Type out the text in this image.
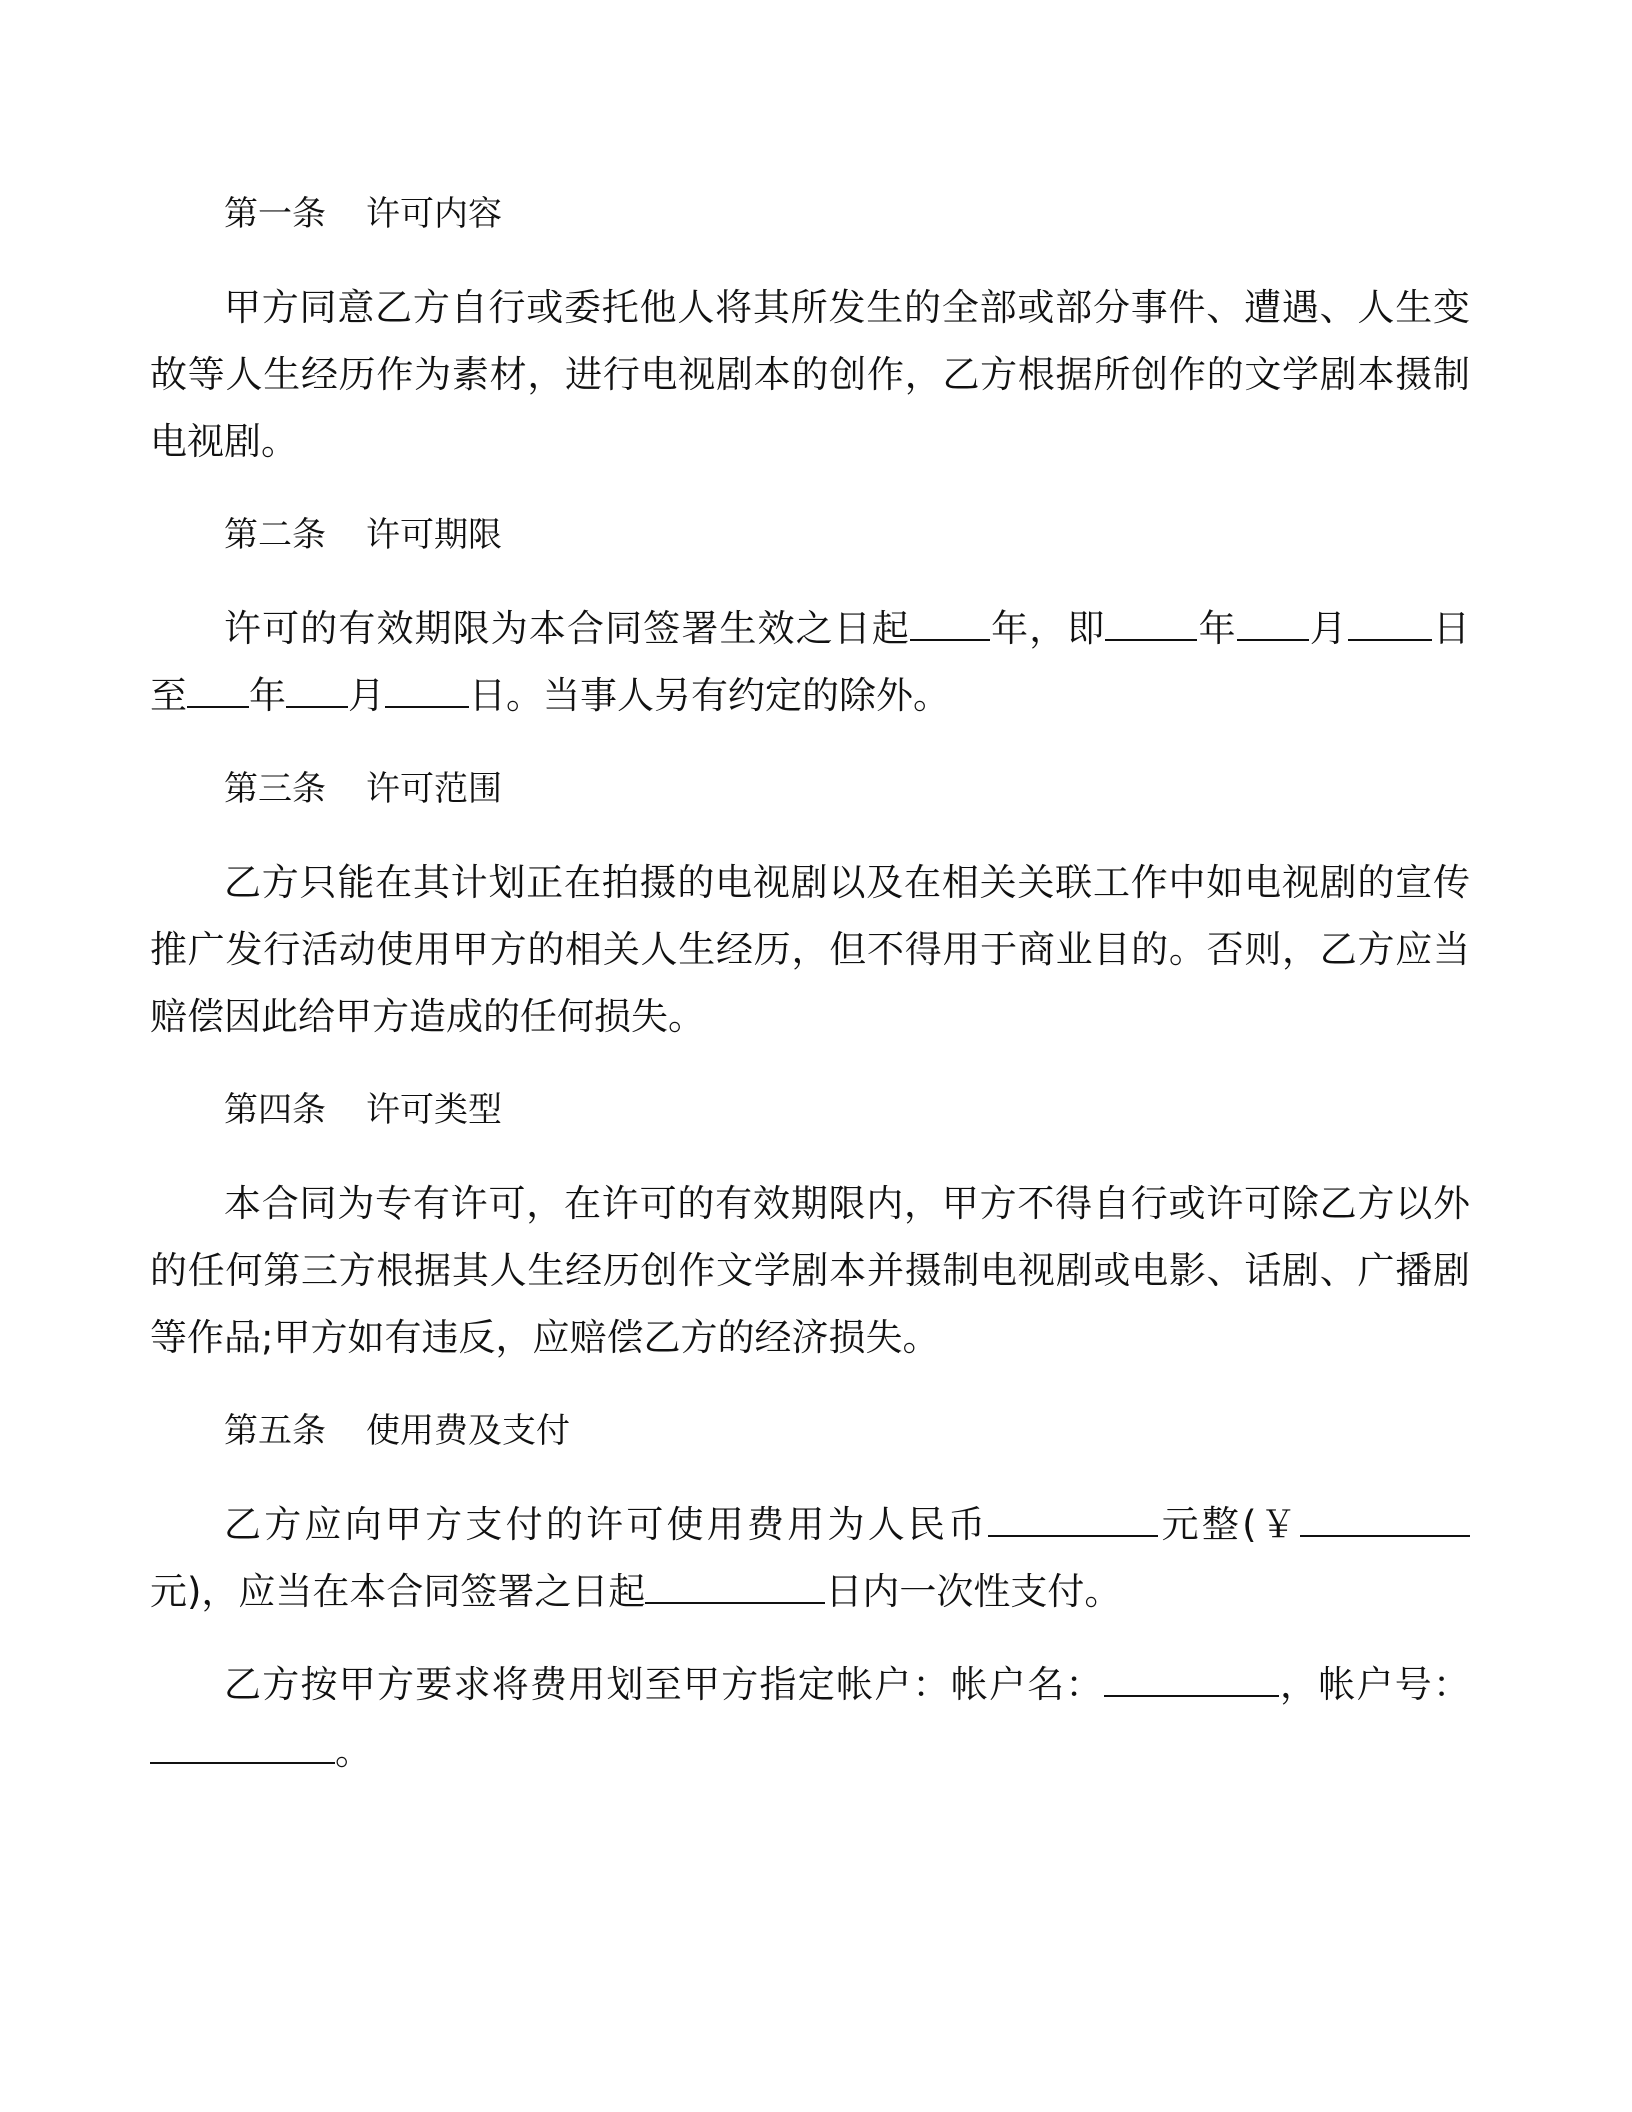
第一条 许可内容

甲方同意乙方自行或委托他人将其所发生的全部或部分事件、遭遇、人生变故等人生经历作为素材，进行电视剧本的创作，乙方根据所创作的文学剧本摄制电视剧。

第二条 许可期限

许可的有效期限为本合同签署生效之日起 年，即 年 月 日至 年 月 日。当事人另有约定的除外。

第三条 许可范围

乙方只能在其计划正在拍摄的电视剧以及在相关关联工作中如电视剧的宣传推广发行活动使用甲方的相关人生经历，但不得用于商业目的。否则，乙方应当赔偿因此给甲方造成的任何损失。

第四条 许可类型

本合同为专有许可，在许可的有效期限内，甲方不得自行或许可除乙方以外的任何第三方根据其人生经历创作文学剧本并摄制电视剧或电影、话剧、广播剧等作品;甲方如有违反，应赔偿乙方的经济损失。

第五条 使用费及支付

乙方应向甲方支付的许可使用费用为人民币	元整(￥元)，应当在本合同签署之日起	日内一次性支付。

乙方按甲方要求将费用划至甲方指定帐户：帐户名：	，帐户号：。
